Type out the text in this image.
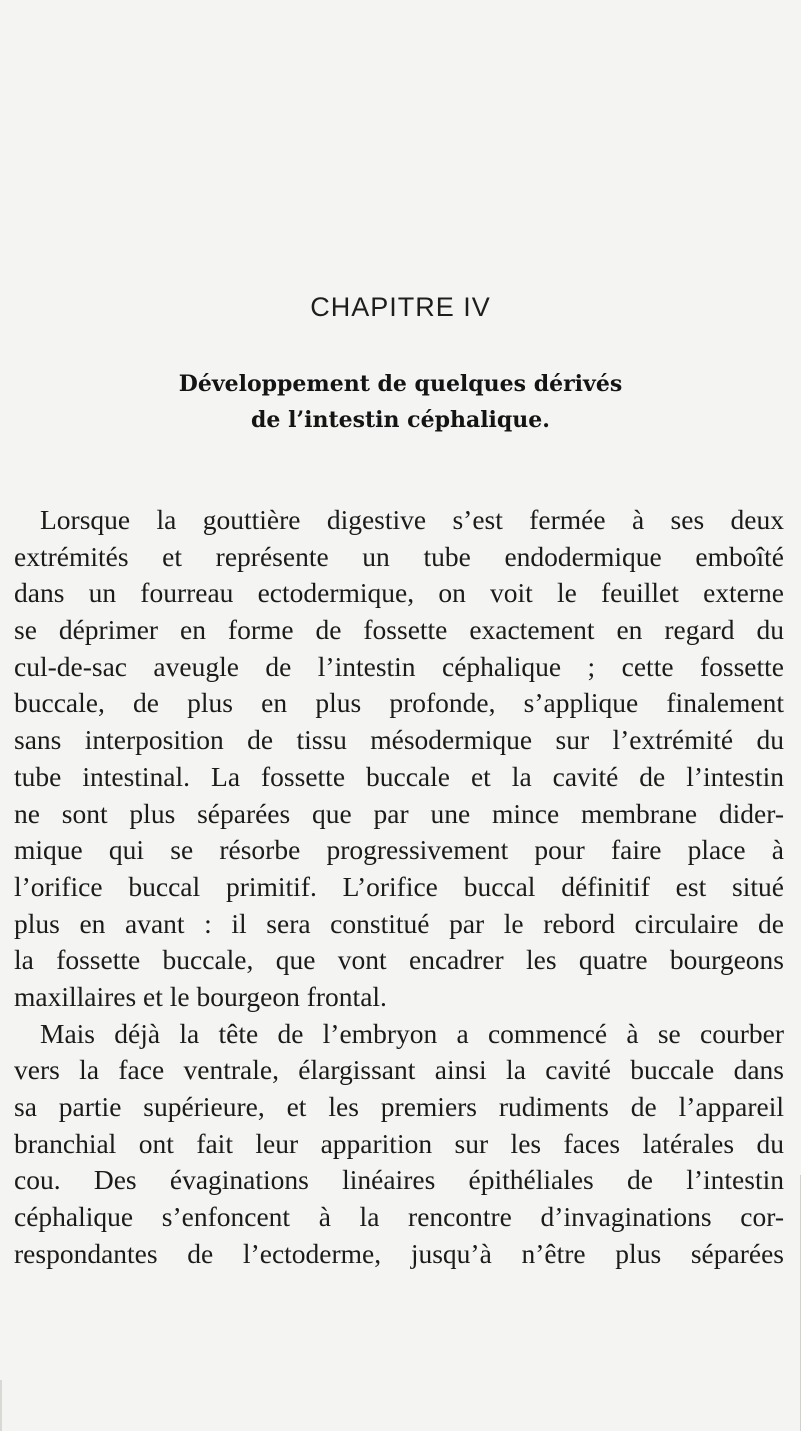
CHAPITRE IV
Développement de quelques dérivés
de l’intestin céphalique.
Lorsque la gouttière digestive s’est fermée à ses deux
extrémités et représente un tube endodermique emboîté
dans un fourreau ectodermique, on voit le feuillet externe
se déprimer en forme de fossette exactement en regard du
cul-de-sac aveugle de l’intestin céphalique ; cette fossette
buccale, de plus en plus profonde, s’applique finalement
sans interposition de tissu mésodermique sur l’extrémité du
tube intestinal. La fossette buccale et la cavité de l’intestin
ne sont plus séparées que par une mince membrane dider-
mique qui se résorbe progressivement pour faire place à
l’orifice buccal primitif. L’orifice buccal définitif est situé
plus en avant : il sera constitué par le rebord circulaire de
la fossette buccale, que vont encadrer les quatre bourgeons
maxillaires et le bourgeon frontal.
Mais déjà la tête de l’embryon a commencé à se courber
vers la face ventrale, élargissant ainsi la cavité buccale dans
sa partie supérieure, et les premiers rudiments de l’appareil
branchial ont fait leur apparition sur les faces latérales du
cou. Des évaginations linéaires épithéliales de l’intestin
céphalique s’enfoncent à la rencontre d’invaginations cor-
respondantes de l’ectoderme, jusqu’à n’être plus séparées
